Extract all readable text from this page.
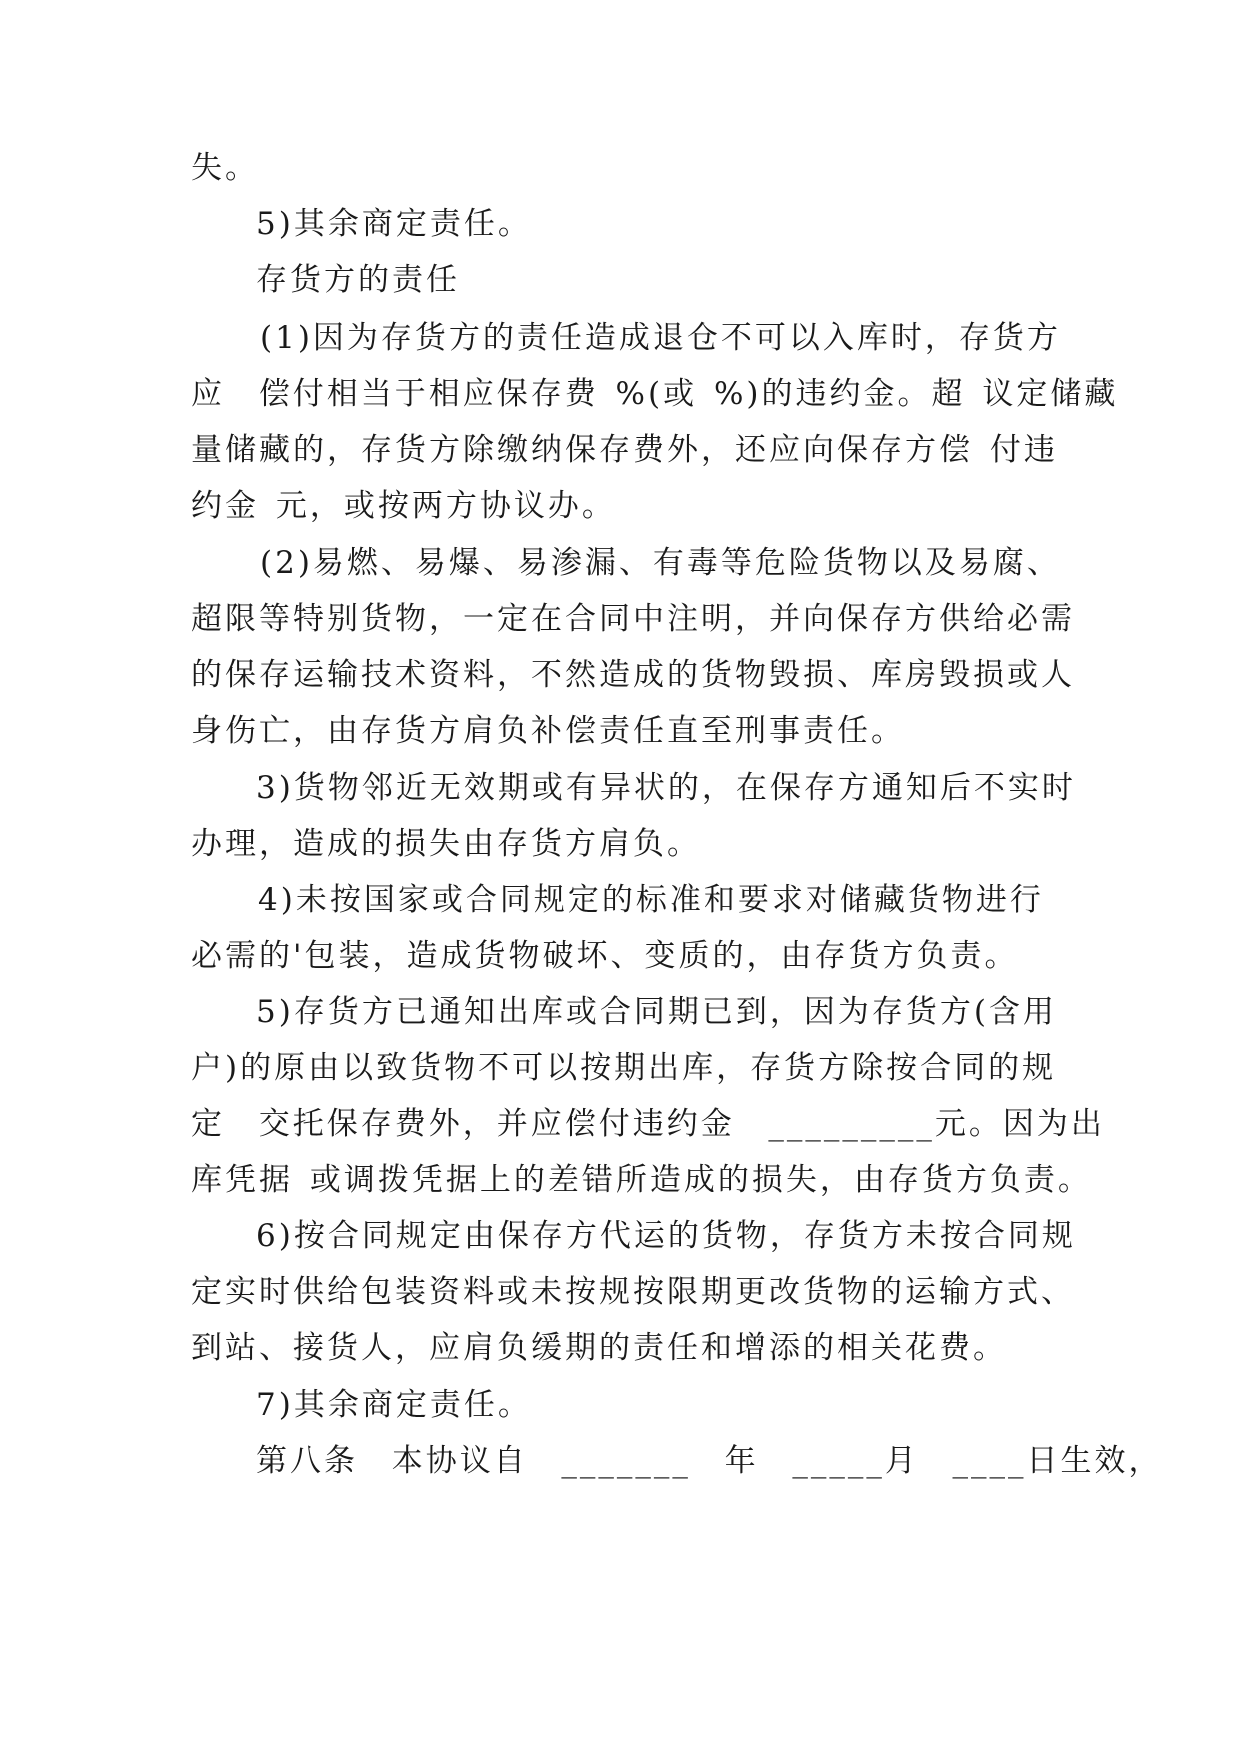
失。
5)其余商定责任。
存货方的责任
(1)因为存货方的责任造成退仓不可以入库时，存货方
应  偿付相当于相应保存费 %(或 %)的违约金。超 议定储藏
量储藏的，存货方除缴纳保存费外，还应向保存方偿 付违
约金 元，或按两方协议办。
(2)易燃、易爆、易渗漏、有毒等危险货物以及易腐、
超限等特别货物，一定在合同中注明，并向保存方供给必需
的保存运输技术资料，不然造成的货物毁损、库房毁损或人
身伤亡，由存货方肩负补偿责任直至刑事责任。
3)货物邻近无效期或有异状的，在保存方通知后不实时
办理，造成的损失由存货方肩负。
4)未按国家或合同规定的标准和要求对储藏货物进行
必需的'包装，造成货物破坏、变质的，由存货方负责。
5)存货方已通知出库或合同期已到，因为存货方(含用
户)的原由以致货物不可以按期出库，存货方除按合同的规
定  交托保存费外，并应偿付违约金  _________元。因为出
库凭据 或调拨凭据上的差错所造成的损失，由存货方负责。
6)按合同规定由保存方代运的货物，存货方未按合同规
定实时供给包装资料或未按规按限期更改货物的运输方式、
到站、接货人，应肩负缓期的责任和增添的相关花费。
7)其余商定责任。
第八条  本协议自  _______  年  _____月  ____日生效，
